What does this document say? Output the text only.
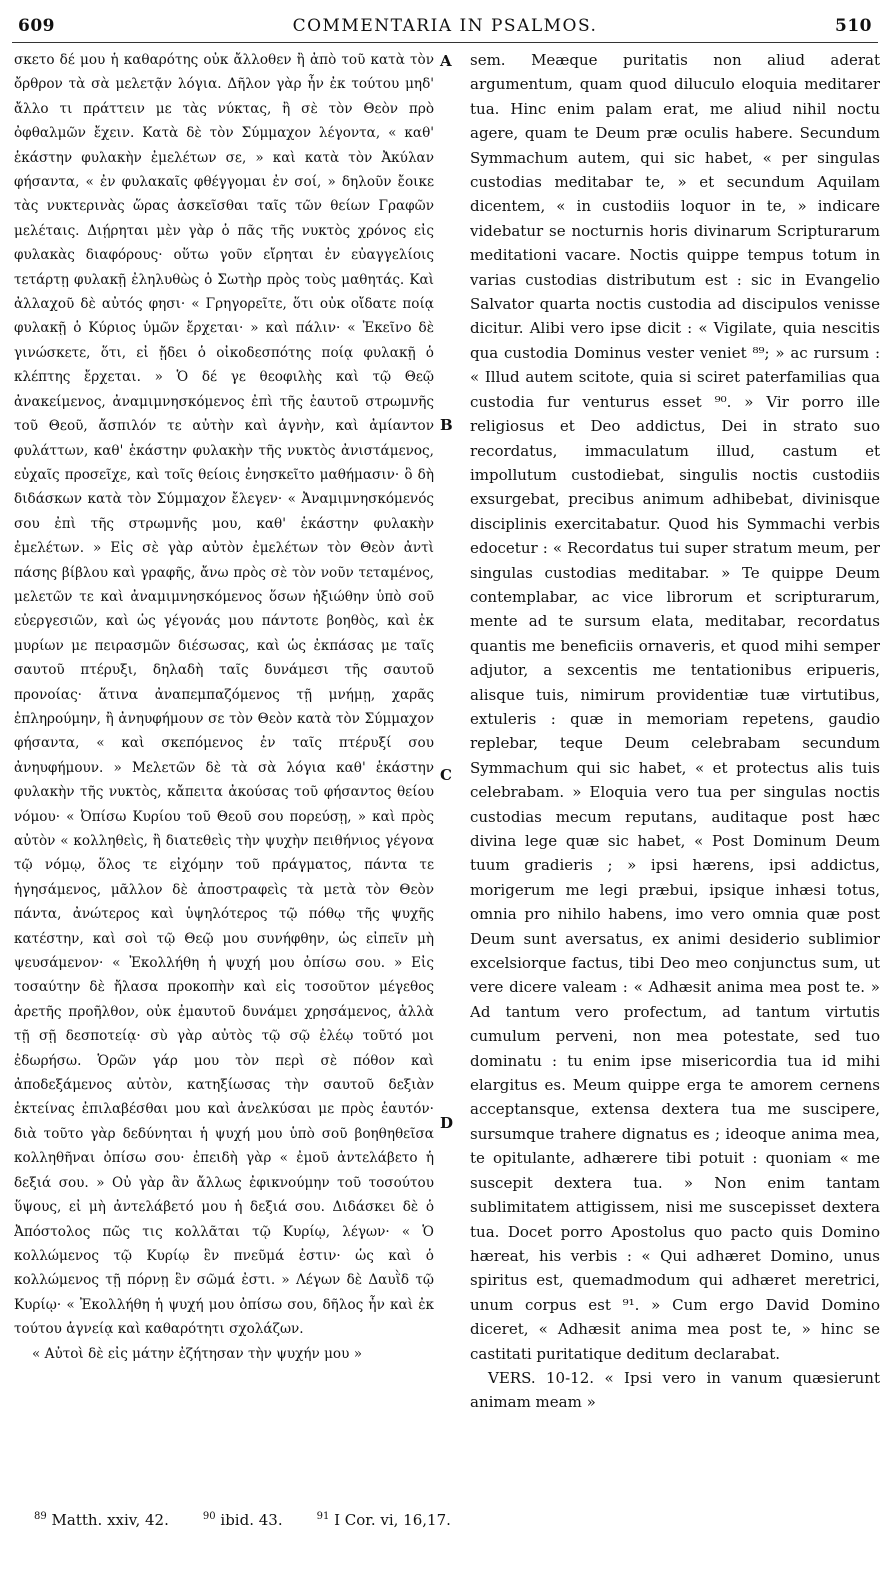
609	COMMENTARIA IN PSALMOS.	510

σκετο δέ μου ἡ καθαρότης οὐκ ἄλλοθεν ἢ ἀπὸ τοῦ κατὰ τὸν ὄρθρον τὰ σὰ μελετᾷν λόγια. Δῆλον γὰρ ἦν ἐκ τούτου μηδ' ἄλλο τι πράττειν με τὰς νύκτας, ἢ σὲ τὸν Θεὸν πρὸ ὀφθαλμῶν ἔχειν. Κατὰ δὲ τὸν Σύμμαχον λέγοντα, « καθ' ἑκάστην φυλακὴν ἐμελέτων σε, » καὶ κατὰ τὸν Ἀκύλαν φήσαντα, « ἐν φυλακαῖς φθέγγομαι ἐν σοί, » δηλοῦν ἔοικε τὰς νυκτερινὰς ὥρας ἀσκεῖσθαι ταῖς τῶν θείων Γραφῶν μελέταις. Διῄρηται μὲν γὰρ ὁ πᾶς τῆς νυκτὸς χρόνος εἰς φυλακὰς διαφόρους· οὕτω γοῦν εἴρηται ἐν εὐαγγελίοις τετάρτῃ φυλακῇ ἐληλυθὼς ὁ Σωτὴρ πρὸς τοὺς μαθητάς. Καὶ ἀλλαχοῦ δὲ αὐτός φησι· « Γρηγορεῖτε, ὅτι οὐκ οἴδατε ποίᾳ φυλακῇ ὁ Κύριος ὑμῶν ἔρχεται· » καὶ πάλιν· « Ἐκεῖνο δὲ γινώσκετε, ὅτι, εἰ ᾔδει ὁ οἰκοδεσπότης ποίᾳ φυλακῇ ὁ κλέπτης ἔρχεται. » Ὁ δέ γε θεοφιλὴς καὶ τῷ Θεῷ ἀνακείμενος, ἀναμιμνησκόμενος ἐπὶ τῆς ἑαυτοῦ στρωμνῆς τοῦ Θεοῦ, ἄσπιλόν τε αὐτὴν καὶ ἁγνὴν, καὶ ἀμίαντον φυλάττων, καθ' ἑκάστην φυλακὴν τῆς νυκτὸς ἀνιστάμενος, εὐχαῖς προσεῖχε, καὶ τοῖς θείοις ἐνησκεῖτο μαθήμασιν· ὃ δὴ διδάσκων κατὰ τὸν Σύμμαχον ἔλεγεν· « Ἀναμιμνησκόμενός σου ἐπὶ τῆς στρωμνῆς μου, καθ' ἑκάστην φυλακὴν ἐμελέτων. » Εἰς σὲ γὰρ αὐτὸν ἐμελέτων τὸν Θεὸν ἀντὶ πάσης βίβλου καὶ γραφῆς, ἄνω πρὸς σὲ τὸν νοῦν τεταμένος, μελετῶν τε καὶ ἀναμιμνησκόμενος ὅσων ἠξιώθην ὑπὸ σοῦ εὐεργεσιῶν, καὶ ὡς γέγονάς μου πάντοτε βοηθὸς, καὶ ἐκ μυρίων με πειρασμῶν διέσωσας, καὶ ὡς ἐκπάσας με ταῖς σαυτοῦ πτέρυξι, δηλαδὴ ταῖς δυνάμεσι τῆς σαυτοῦ προνοίας· ἅτινα ἀναπεμπαζόμενος τῇ μνήμῃ, χαρᾶς ἐπληρούμην, ἢ ἀνηυφήμουν σε τὸν Θεὸν κατὰ τὸν Σύμμαχον φήσαντα, « καὶ σκεπόμενος ἐν ταῖς πτέρυξί σου ἀνηυφήμουν. » Μελετῶν δὲ τὰ σὰ λόγια καθ' ἑκάστην φυλακὴν τῆς νυκτὸς, κἄπειτα ἀκούσας τοῦ φήσαντος θείου νόμου· « Ὀπίσω Κυρίου τοῦ Θεοῦ σου πορεύσῃ, » καὶ πρὸς αὐτὸν « κολληθεὶς, ἢ διατεθεὶς τὴν ψυχὴν πειθήνιος γέγονα τῷ νόμῳ, ὅλος τε εἰχόμην τοῦ πράγματος, πάντα τε ἡγησάμενος, μᾶλλον δὲ ἀποστραφεὶς τὰ μετὰ τὸν Θεὸν πάντα, ἀνώτερος καὶ ὑψηλότερος τῷ πόθῳ τῆς ψυχῆς κατέστην, καὶ σοὶ τῷ Θεῷ μου συνήφθην, ὡς εἰπεῖν μὴ ψευσάμενον· « Ἐκολλήθη ἡ ψυχή μου ὀπίσω σου. » Εἰς τοσαύτην δὲ ἤλασα προκοπὴν καὶ εἰς τοσοῦτον μέγεθος ἀρετῆς προῆλθον, οὐκ ἐμαυτοῦ δυνάμει χρησάμενος, ἀλλὰ τῇ σῇ δεσποτείᾳ· σὺ γὰρ αὐτὸς τῷ σῷ ἐλέῳ τοῦτό μοι ἐδωρήσω. Ὁρῶν γάρ μου τὸν περὶ σὲ πόθον καὶ ἀποδεξάμενος αὐτὸν, κατηξίωσας τὴν σαυτοῦ δεξιὰν ἐκτείνας ἐπιλαβέσθαι μου καὶ ἀνελκύσαι με πρὸς ἑαυτόν· διὰ τοῦτο γὰρ δεδύνηται ἡ ψυχή μου ὑπὸ σοῦ βοηθηθεῖσα κολληθῆναι ὀπίσω σου· ἐπειδὴ γὰρ « ἐμοῦ ἀντελάβετο ἡ δεξιά σου. » Οὐ γὰρ ἂν ἄλλως ἐφικνούμην τοῦ τοσούτου ὕψους, εἰ μὴ ἀντελάβετό μου ἡ δεξιά σου. Διδάσκει δὲ ὁ Ἀπόστολος πῶς τις κολλᾶται τῷ Κυρίῳ, λέγων· « Ὁ κολλώμενος τῷ Κυρίῳ ἓν πνεῦμά ἐστιν· ὡς καὶ ὁ κολλώμενος τῇ πόρνῃ ἓν σῶμά ἐστι. » Λέγων δὲ Δαυῒδ τῷ Κυρίῳ· « Ἐκολλήθη ἡ ψυχή μου ὀπίσω σου, δῆλος ἦν καὶ ἐκ τούτου ἁγνείᾳ καὶ καθαρότητι σχολάζων.

« Αὐτοὶ δὲ εἰς μάτην ἐζήτησαν τὴν ψυχήν μου »

A
B
C
D

sem. Meæque puritatis non aliud aderat argumentum, quam quod diluculo eloquia meditarer tua. Hinc enim palam erat, me aliud nihil noctu agere, quam te Deum præ oculis habere. Secundum Symmachum autem, qui sic habet, « per singulas custodias meditabar te, » et secundum Aquilam dicentem, « in custodiis loquor in te, » indicare videbatur se nocturnis horis divinarum Scripturarum meditationi vacare. Noctis quippe tempus totum in varias custodias distributum est : sic in Evangelio Salvator quarta noctis custodia ad discipulos venisse dicitur. Alibi vero ipse dicit : « Vigilate, quia nescitis qua custodia Dominus vester veniet ⁸⁹; » ac rursum : « Illud autem scitote, quia si sciret paterfamilias qua custodia fur venturus esset ⁹⁰. » Vir porro ille religiosus et Deo addictus, Dei in strato suo recordatus, immaculatum illud, castum et impollutum custodiebat, singulis noctis custodiis exsurgebat, precibus animum adhibebat, divinisque disciplinis exercitabatur. Quod his Symmachi verbis edocetur : « Recordatus tui super stratum meum, per singulas custodias meditabar. » Te quippe Deum contemplabar, ac vice librorum et scripturarum, mente ad te sursum elata, meditabar, recordatus quantis me beneficiis ornaveris, et quod mihi semper adjutor, a sexcentis me tentationibus eripueris, alisque tuis, nimirum providentiæ tuæ virtutibus, extuleris : quæ in memoriam repetens, gaudio replebar, teque Deum celebrabam secundum Symmachum qui sic habet, « et protectus alis tuis celebrabam. » Eloquia vero tua per singulas noctis custodias mecum reputans, auditaque post hæc divina lege quæ sic habet, « Post Dominum Deum tuum gradieris ; » ipsi hærens, ipsi addictus, morigerum me legi præbui, ipsique inhæsi totus, omnia pro nihilo habens, imo vero omnia quæ post Deum sunt aversatus, ex animi desiderio sublimior excelsiorque factus, tibi Deo meo conjunctus sum, ut vere dicere valeam : « Adhæsit anima mea post te. » Ad tantum vero profectum, ad tantum virtutis cumulum perveni, non mea potestate, sed tuo dominatu : tu enim ipse misericordia tua id mihi elargitus es. Meum quippe erga te amorem cernens acceptansque, extensa dextera tua me suscipere, sursumque trahere dignatus es ; ideoque anima mea, te opitulante, adhærere tibi potuit : quoniam « me suscepit dextera tua. » Non enim tantam sublimitatem attigissem, nisi me suscepisset dextera tua. Docet porro Apostolus quo pacto quis Domino hæreat, his verbis : « Qui adhæret Domino, unus spiritus est, quemadmodum qui adhæret meretrici, unum corpus est ⁹¹. » Cum ergo David Domino diceret, « Adhæsit anima mea post te, » hinc se castitati puritatique deditum declarabat.

VERS. 10-12. « Ipsi vero in vanum quæsierunt animam meam »

$^{89}$ Matth. xxiv, 42.	$^{90}$ ibid. 43.	$^{91}$ I Cor. vi, 16,17.
